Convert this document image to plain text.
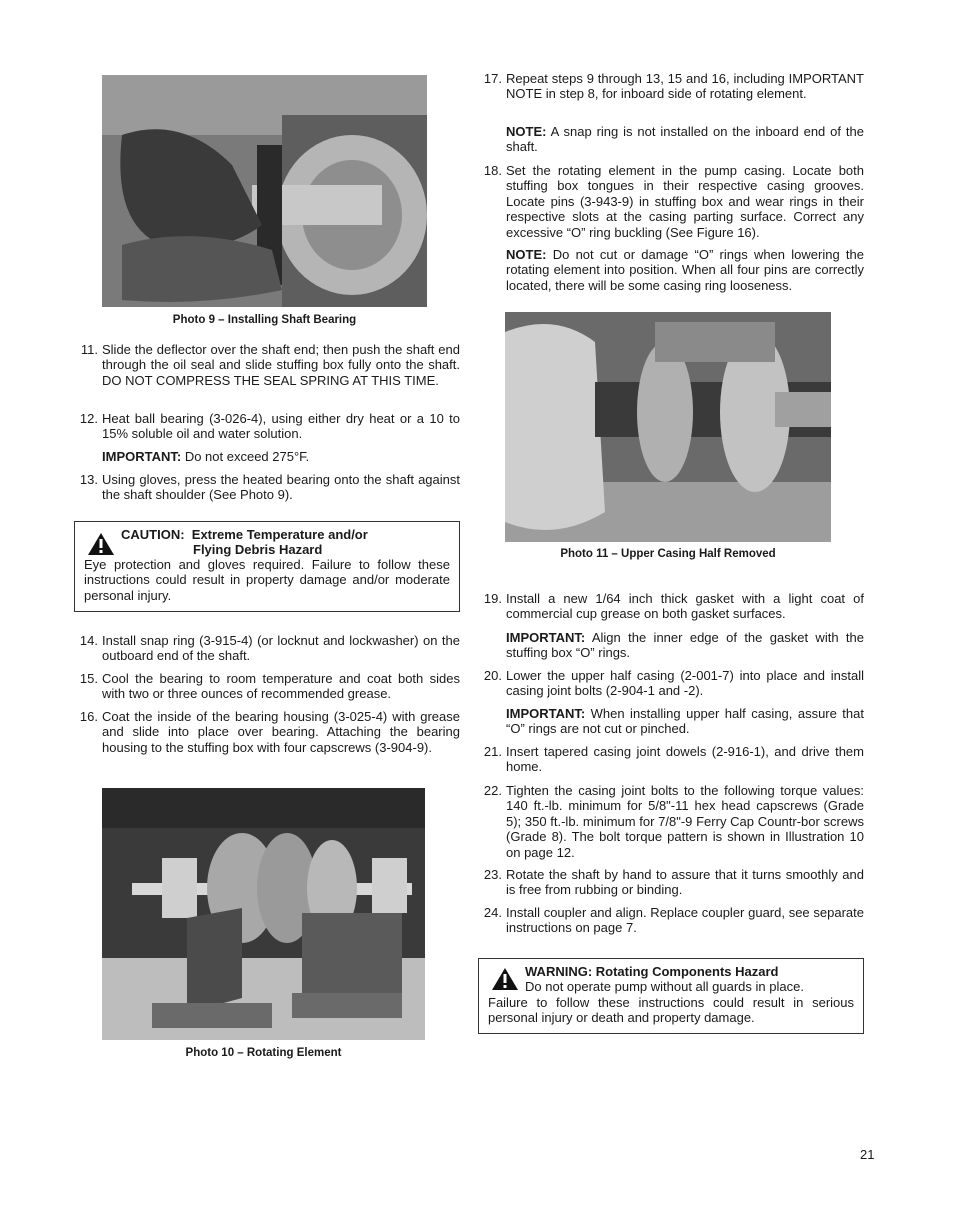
Photo 9 – Installing Shaft Bearing
11. Slide the deflector over the shaft end; then push the shaft end through the oil seal and slide stuffing box fully onto the shaft. DO NOT COMPRESS THE SEAL SPRING AT THIS TIME.
12. Heat ball bearing (3-026-4), using either dry heat or a 10 to 15% soluble oil and water solution.
IMPORTANT: Do not exceed 275°F.
13. Using gloves, press the heated bearing onto the shaft against the shaft shoulder (See Photo 9).
CAUTION:  Extreme Temperature and/or
Flying Debris Hazard
Eye protection and gloves required. Failure to follow these instructions could result in property damage and/or moderate personal injury.
14. Install snap ring (3-915-4) (or locknut and lockwasher) on the outboard end of the shaft.
15. Cool the bearing to room temperature and coat both sides with two or three ounces of recommended grease.
16. Coat the inside of the bearing housing (3-025-4) with grease and slide into place over bearing. Attaching the bearing housing to the stuffing box with four capscrews (3-904-9).
Photo 10 – Rotating Element
17. Repeat steps 9 through 13, 15 and 16, including IMPORTANT NOTE in step 8, for inboard side of rotating element.
NOTE: A snap ring is not installed on the inboard end of the shaft.
18. Set the rotating element in the pump casing. Locate both stuffing box tongues in their respective casing grooves. Locate pins (3-943-9) in stuffing box and wear rings in their respective slots at the casing parting surface. Correct any excessive “O” ring buckling (See Figure 16).
NOTE: Do not cut or damage “O” rings when lowering the rotating element into position. When all four pins are correctly located, there will be some casing ring looseness.
Photo 11 – Upper Casing Half Removed
19. Install a new 1/64 inch thick gasket with a light coat of commercial cup grease on both gasket surfaces.
IMPORTANT: Align the inner edge of the gasket with the stuffing box “O” rings.
20. Lower the upper half casing (2-001-7) into place and install casing joint bolts (2-904-1 and -2).
IMPORTANT: When installing upper half casing, assure that “O” rings are not cut or pinched.
21. Insert tapered casing joint dowels (2-916-1), and drive them home.
22. Tighten the casing joint bolts to the following torque values: 140 ft.-lb. minimum for 5/8"-11 hex head capscrews (Grade 5); 350 ft.-lb. minimum for 7/8"-9 Ferry Cap Countr-bor screws (Grade 8). The bolt torque pattern is shown in Illustration 10 on page 12.
23. Rotate the shaft by hand to assure that it turns smoothly and is free from rubbing or binding.
24. Install coupler and align. Replace coupler guard, see separate instructions on page 7.
WARNING: Rotating Components Hazard
Do not operate pump without all guards in place.
Failure to follow these instructions could result in serious personal injury or death and property damage.
21
